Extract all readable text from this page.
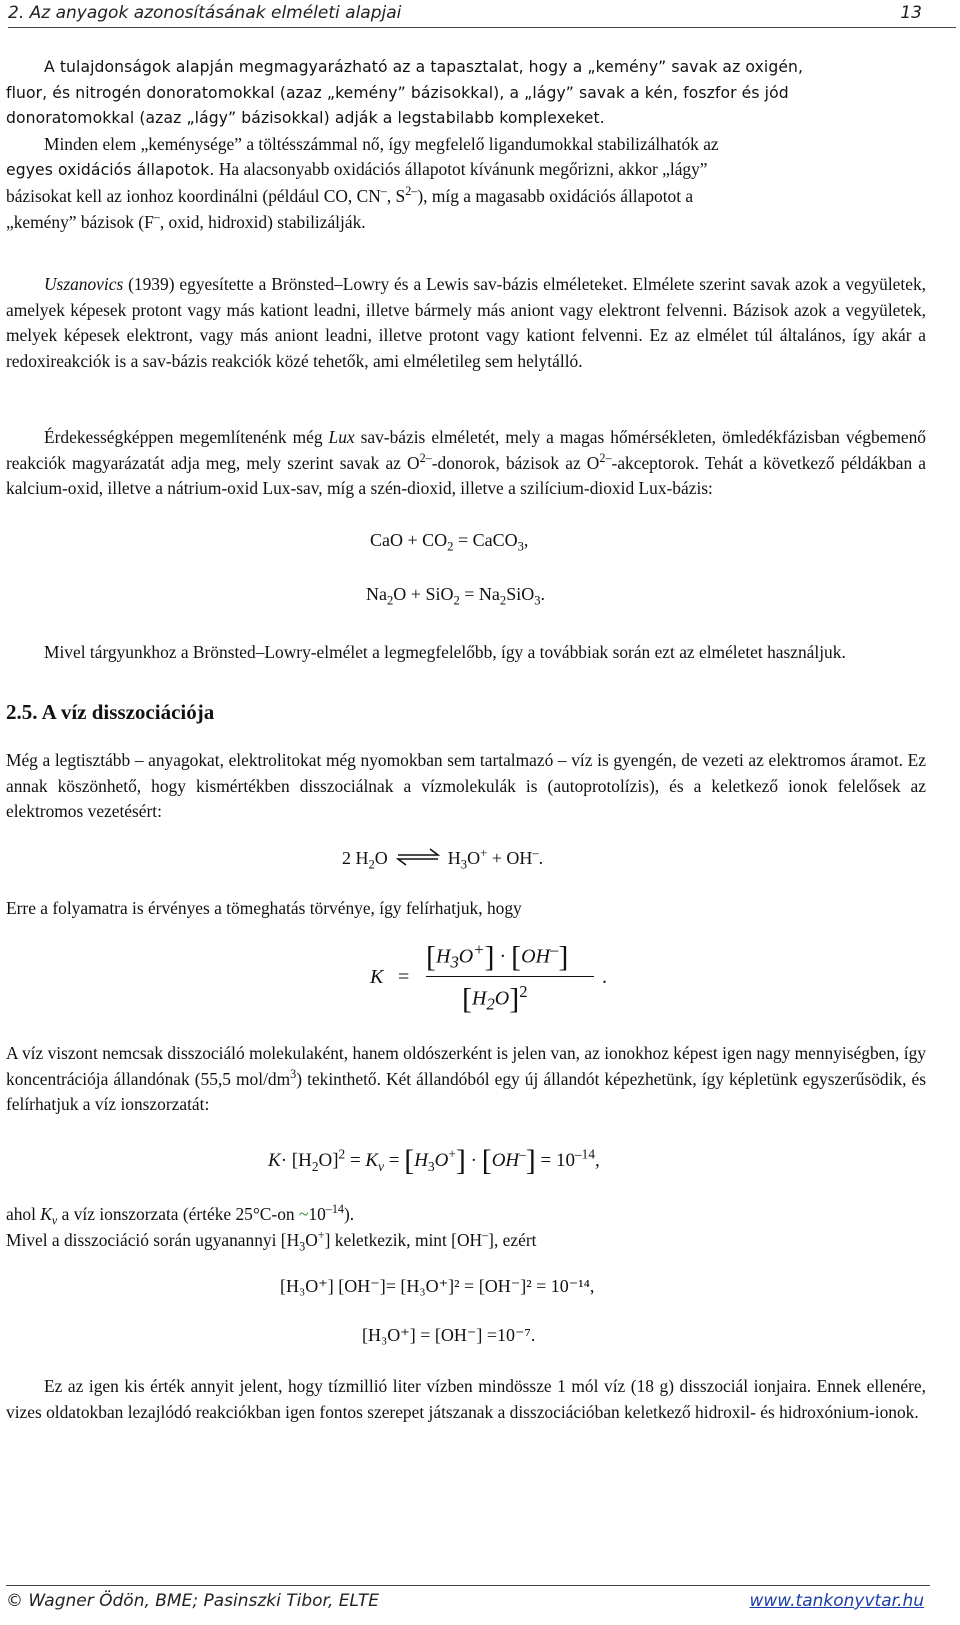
2. Az anyagok azonosításának elméleti alapjai	13

A tulajdonságok alapján megmagyarázható az a tapasztalat, hogy a „kemény” savak az oxigén,

fluor, és nitrogén donoratomokkal (azaz „kemény” bázisokkal), a „lágy” savak a kén, foszfor és jód

donoratomokkal (azaz „lágy” bázisokkal) adják a legstabilabb komplexeket.

Minden elem „keménysége” a töltésszámmal nő, így megfelelő ligandumokkal stabilizálhatók az

egyes oxidációs állapotok. Ha alacsonyabb oxidációs állapotot kívánunk megőrizni, akkor „lágy”

bázisokat kell az ionhoz koordinálni (például CO, CN–, $S^{2-}$), míg a magasabb oxidációs állapotot a

„kemény” bázisok (F–, oxid, hidroxid) stabilizálják.

Uszanovics (1939) egyesítette a Brönsted–Lowry és a Lewis sav-bázis elméleteket. Elmélete szerint savak azok a vegyületek, amelyek képesek protont vagy más kationt leadni, illetve bármely más aniont vagy elektront felvenni. Bázisok azok a vegyületek, melyek képesek elektront, vagy más aniont leadni, illetve protont vagy kationt felvenni. Ez az elmélet túl általános, így akár a redoxireakciók is a sav-bázis reakciók közé tehetők, ami elméletileg sem helytálló.

Érdekességképpen megemlítenénk még Lux sav-bázis elméletét, mely a magas hőmérsékleten, ömledékfázisban végbemenő reakciók magyarázatát adja meg, mely szerint savak az $O^{2-}$-donorok, bázisok az $O^{2-}$-akceptorok. Tehát a következő példákban a kalcium-oxid, illetve a nátrium-oxid Lux-sav, míg a szén-dioxid, illetve a szilícium-dioxid Lux-bázis:

CaO + $CO_2$ = CaCO$_3$,
$Na_2O + SiO_2 = Na_2SiO_3$.

Mivel tárgyunkhoz a Brönsted–Lowry-elmélet a legmegfelelőbb, így a továbbiak során ezt az elméletet használjuk.

2.5. A víz disszociációja

Még a legtisztább – anyagokat, elektrolitokat még nyomokban sem tartalmazó – víz is gyengén, de vezeti az elektromos áramot. Ez annak köszönhető, hogy kismértékben disszociálnak a vízmolekulák is (autoprotolízis), és a keletkező ionok felelősek az elektromos vezetésért:

2 $H_2O$ ⇌ $H_3O^+ + OH^-$.

Erre a folyamatra is érvényes a tömeghatás törvénye, így felírhatjuk, hogy

K =
$[H_3O^+] \cdot [OH^-]$
$[H_2O]^2$
.

A víz viszont nemcsak disszociáló molekulaként, hanem oldószerként is jelen van, az ionokhoz képest igen nagy mennyiségben, így koncentrációja állandónak (55,5 mol/$dm^3$) tekinthető. Két állandóból egy új állandót képezhetünk, így képletünk egyszerűsödik, és felírhatjuk a víz ionszorzatát:

$K\cdot [H_2O]^2 = K_v = [H_3O^+] \cdot [OH^-] = 10^{-14}$,

ahol $K_v$ a víz ionszorzata (értéke 25°C-on $\sim 10^{-14}$).

Mivel a disszociáció során ugyanannyi $[H_3O^+]$ keletkezik, mint [OH–], ezért

[H₃O⁺] [OH⁻]= [H₃O⁺]² = [OH⁻]² = 10⁻¹⁴,
[H₃O⁺] = [OH⁻] =10⁻⁷.

Ez az igen kis érték annyit jelent, hogy tízmillió liter vízben mindössze 1 mól víz (18 g) disszociál ionjaira. Ennek ellenére, vizes oldatokban lezajlódó reakciókban igen fontos szerepet játszanak a disszociációban keletkező hidroxil- és hidroxónium-ionok.

© Wagner Ödön, BME; Pasinszki Tibor, ELTE	www.tankonyvtar.hu
